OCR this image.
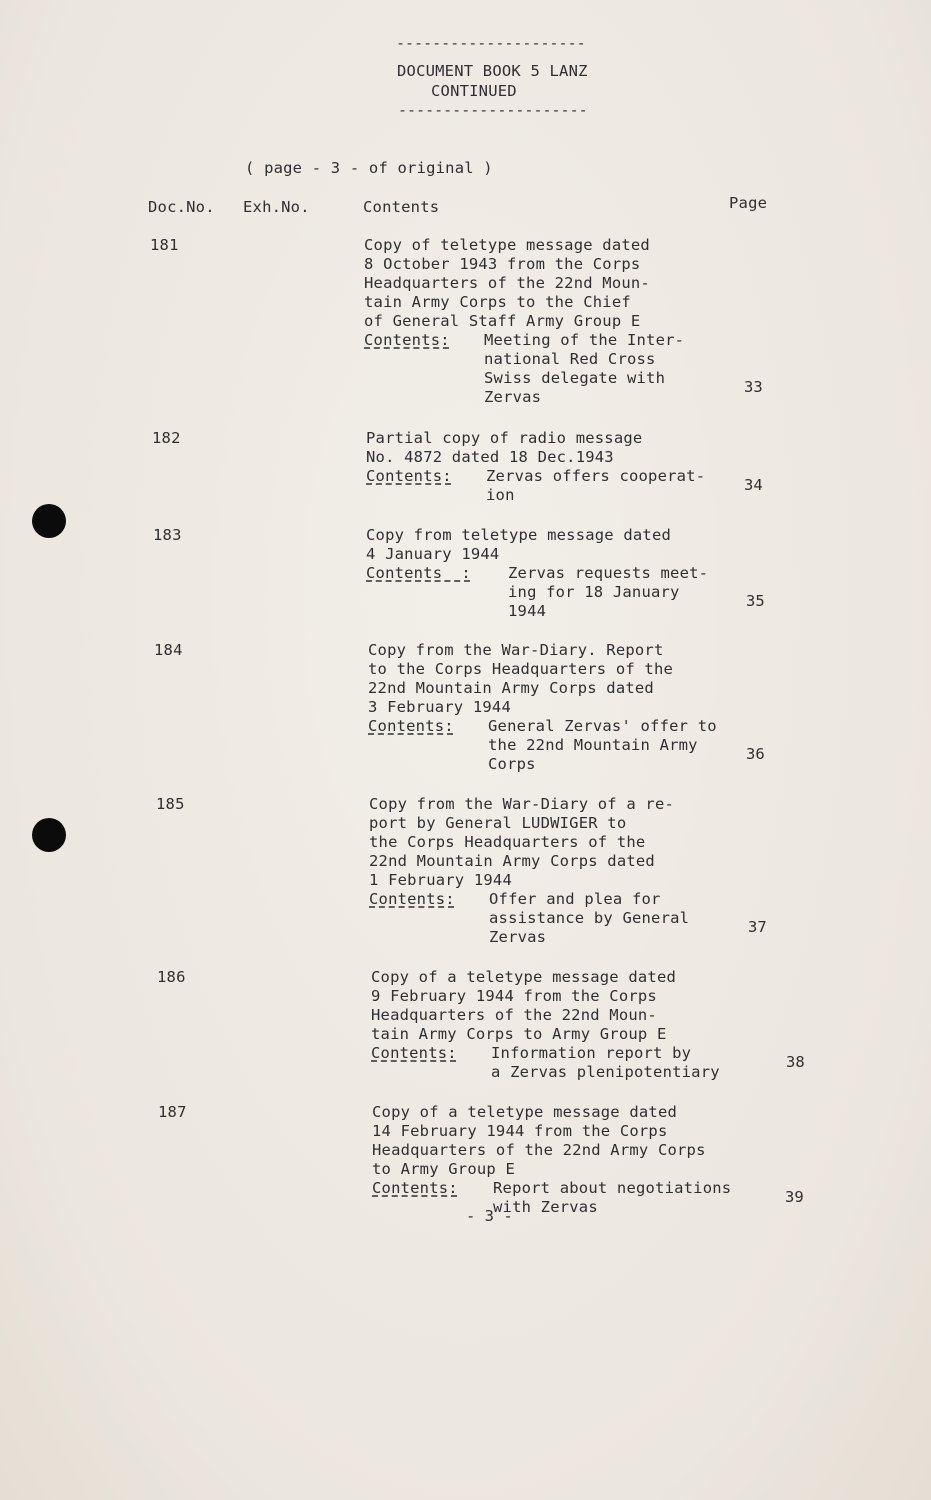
---------------------
DOCUMENT BOOK 5 LANZ
CONTINUED
---------------------
( page - 3 - of original )
Doc.No. Exh.No.	Contents	Page
181	Copy of teletype message dated
8 October 1943 from the Corps
Headquarters of the 22nd Moun-
tain Army Corps to the Chief
of General Staff Army Group E
Contents: Meeting of the Inter-
national Red Cross
Swiss delegate with
Zervas
33
182	Partial copy of radio message
No. 4872 dated 18 Dec.1943
Contents: Zervas offers cooperat-
ion
34
183	Copy from teletype message dated
4 January 1944
Contents  : Zervas requests meet-
ing for 18 January
1944
35
184	Copy from the War-Diary. Report
to the Corps Headquarters of the
22nd Mountain Army Corps dated
3 February 1944
Contents: General Zervas' offer to
the 22nd Mountain Army
Corps
36
185	Copy from the War-Diary of a re-
port by General LUDWIGER to
the Corps Headquarters of the
22nd Mountain Army Corps dated
1 February 1944
Contents: Offer and plea for
assistance by General
Zervas
37
186	Copy of a teletype message dated
9 February 1944 from the Corps
Headquarters of the 22nd Moun-
tain Army Corps to Army Group E
Contents: Information report by
a Zervas plenipotentiary
38
187	Copy of a teletype message dated
14 February 1944 from the Corps
Headquarters of the 22nd Army Corps
to Army Group E
Contents: Report about negotiations
with Zervas
39
- 3 -
